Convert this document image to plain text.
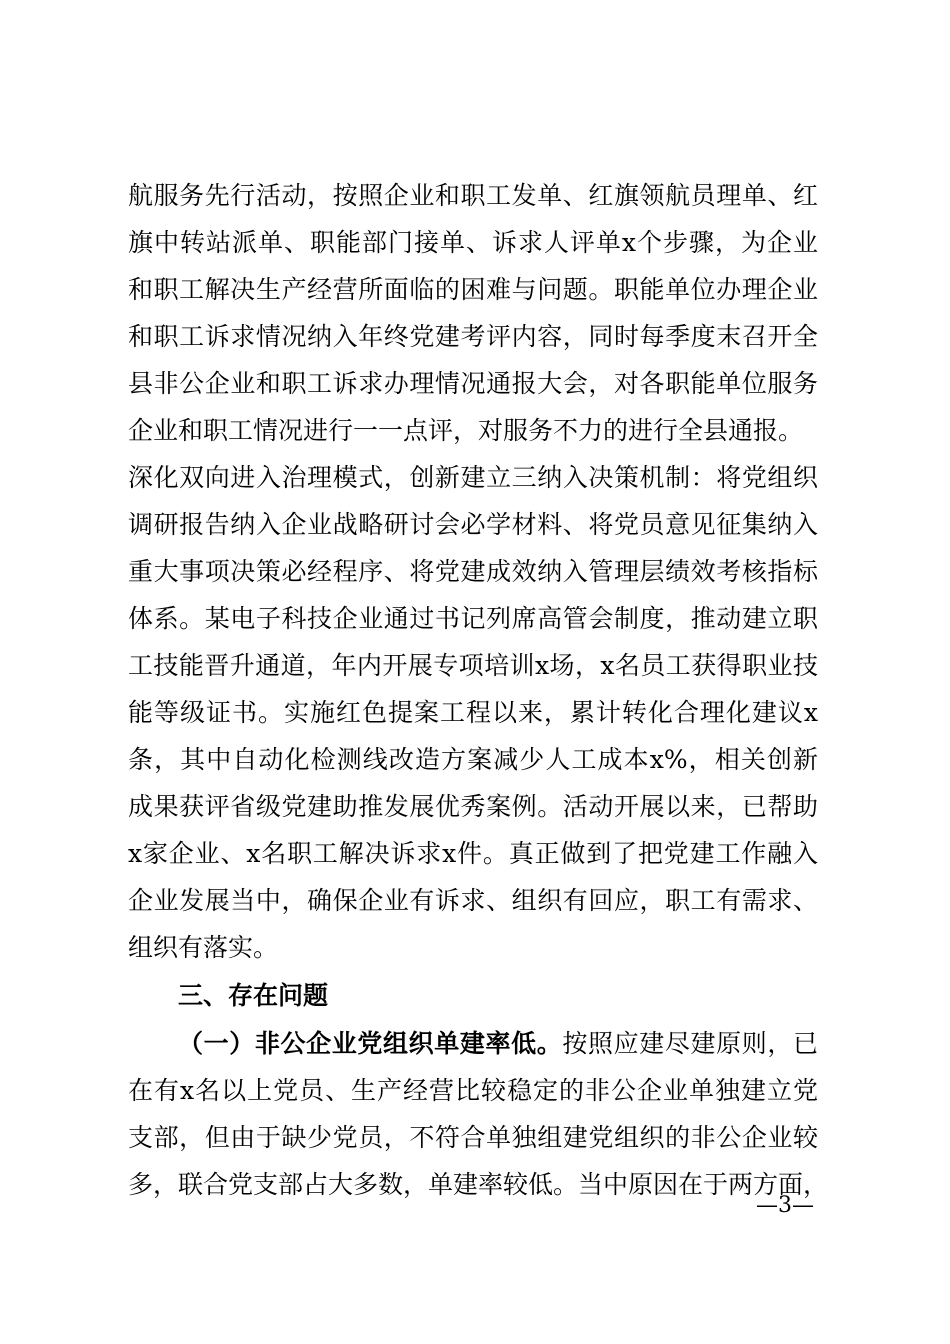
航服务先行活动，按照企业和职工发单、红旗领航员理单、红
旗中转站派单、职能部门接单、诉求人评单x个步骤，为企业
和职工解决生产经营所面临的困难与问题。职能单位办理企业
和职工诉求情况纳入年终党建考评内容，同时每季度末召开全
县非公企业和职工诉求办理情况通报大会，对各职能单位服务
企业和职工情况进行一一点评，对服务不力的进行全县通报。
深化双向进入治理模式，创新建立三纳入决策机制：将党组织
调研报告纳入企业战略研讨会必学材料、将党员意见征集纳入
重大事项决策必经程序、将党建成效纳入管理层绩效考核指标
体系。某电子科技企业通过书记列席高管会制度，推动建立职
工技能晋升通道，年内开展专项培训x场，x名员工获得职业技
能等级证书。实施红色提案工程以来，累计转化合理化建议x
条，其中自动化检测线改造方案减少人工成本x%，相关创新
成果获评省级党建助推发展优秀案例。活动开展以来，已帮助
x家企业、x名职工解决诉求x件。真正做到了把党建工作融入
企业发展当中，确保企业有诉求、组织有回应，职工有需求、
组织有落实。
三、存在问题
（一）非公企业党组织单建率低。按照应建尽建原则，已
在有x名以上党员、生产经营比较稳定的非公企业单独建立党
支部，但由于缺少党员，不符合单独组建党组织的非公企业较
多，联合党支部占大多数，单建率较低。当中原因在于两方面，
—3—
